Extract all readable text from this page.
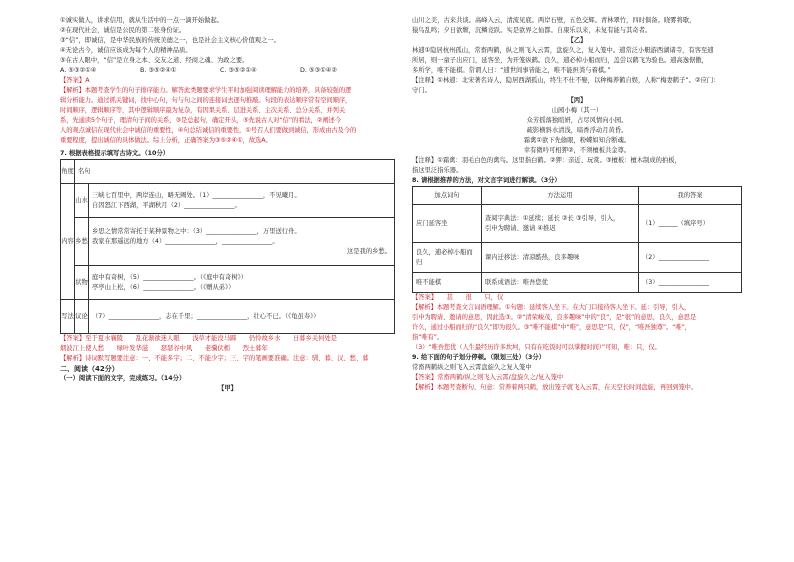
①诚实做人，讲求信用，就从生活中的一点一滴开始做起。
②在现代社会，诚信是公民的第二张身份证。
③“信”，即诚信，是中华民族的传统美德之一，也是社会主义核心价值观之一。
④无论古今，诚信应该成为每个人的精神品质。
⑤在古人眼中，“信”是立身之本、交友之道、经商之魂、为政之要。
A. ⑤③②①④	B. ③⑤②④①	C. ③⑤②①④	D. ⑤③①④②
【答案】A
【解析】本题考查学生的句子排序能力。解答此类题要求学生平时加强阅读理解能力的培养，具备较强的逻
辑分析能力。通过抓关键词，找中心句，句与句之间的连接词去逐句推敲。句段的表达顺序常有空间顺序，
时间顺序，逻辑顺序等，其中逻辑顺序最为复杂，有因果关系、层进关系、主次关系、总分关系、并列关
系，先通读5个句子，理清句子间的关系，③是总起句，确定开头，⑤先说古人对“信”的看法，②阐述今
人的观点诚信在现代社会中诚信的重要性，④句总结诚信的重要性，①号召人们要做到诚信，形成由古及今的
重要程度，提出诚信的具体做法。综上分析，正确答案为③⑤②④①，故选A。
7. 根据表格提示填写古诗文。（10分）
角度	名句	
内容	山水	三峡七百里中，两岸连山，略无阙处。（1）________________，不见曦月。
自因怒江下西湖，平湖秋月（2）________________。

	乡愁	乡思之情常常寄托于某种景物之中：（3）________________，万里送行舟。
我家在那遥远的地方（4）________________，________________。
这是我的乡愁。

	状物	庭中有奇树，（5）________________。（《庭中有奇树》）
亭亭山上松，（6）________________。（《赠从弟》）

写法	议论	（7）________________，志在千里；________________，壮心不已。（《龟虽寿》）
【答案】至于夏水襄陵　　乱花渐欲迷人眼　　浅草才能没马蹄　　仍怜故乡水　　日暮乡关何处是
烟波江上使人愁　　绿叶发华滋　　瑟瑟谷中风　　老骥伏枥　　烈士暮年
【解析】诗词默写题要注意：一、不能多字；二、不能少字；三、字的笔画要准确。注意：驯、暮、汉、愁、暮
二、阅读（42分）
（一）阅读下面的文字，完成练习。（14分）
【甲】
山川之美，古来共谈。高峰入云，清流见底。两岸石壁，五色交辉。青林翠竹，四时俱备。晓雾将歇，
猿鸟乱鸣；夕日欲颓，沉鳞竞跃。实是欲界之仙都。自康乐以来，未复有能与其奇者。
【乙】
林逋①隐居杭州孤山，常畜两鹤，纵之则飞入云霄，盘旋久之，复入笼中。逋常泛小艇游西湖诸寺，有客至逋
所居，则一童子出应门，延客坐，为开笼纵鹤。良久，逋必棹小船而归，盖尝以鹤飞为验也。逋高逸倨傲，
多所学，唯不能棋。常谓人曰：“逋世间事皆能之，唯不能担粪与着棋。”
【注释】①林逋：北宋著名诗人，隐居西湖孤山，终生不仕不娶，以种梅养鹤自娱，人称“梅妻鹤子”。②应门：
守门。
【丙】
山园小梅（其一）
众芳摇落独暄妍，占尽风情向小园。
疏影横斜水清浅，暗香浮动月黄昏。
霜禽①欲下先偷眼，粉蝶如知合断魂。
幸有微吟可相狎②，不须檀板共金尊。
【注释】①霜禽：羽毛白色的禽鸟。这里指白鹤。②狎：亲近、玩赏。③檀板：檀木制成的拍板，
指这里泛指乐器。
8. 请根据推荐的方法，对文言字词进行解读。（3分）
加点词句	方法运用	我的答案
应门延客坐	查阅字典法：①延续；延长 ②长 ③引导，引入，
引申为聘请、邀请 ④推迟	（1）______（填序号）

良久，逋必棹小船而
归	课内迁移法：清凉酷热，良多趣味	（2）________________
唯不能棋	联系成语法：唯吾您优	（3）________________
【答案】　　甚　　很　　只，仅
【解析】本题考查文言词语理解。①句题：延续客人坐下。在大门口接待客人坐下。延：引导，引入，
引申为聘请、邀请的意思，因此选③。②“清荣峻茂，良多趣味”中的“良”，是“很”的意思，良久，意思是
许久，通过小船而归的“良久”即为很久。③“唯不能棋”中“唯”，意思是“只，仅”，“唯吾独尊”。“唯”，
指“唯有”。
（3）“唯吾您优（人生最经历许多坎坷，只有在吃饭时可以掌握时间）”可知，唯：只，仅。
9. 给下面的句子划分停顿。（限划三处）（3分）
常畜两鹤纵之则飞入云霄盘旋久之复入笼中
【答案】常畜两鹤/纵之则飞入云霄/盘旋久之/复入笼中
【解析】本题考查断句，句意：常养着两只鹤，放出笼子就飞入云霄，在天空长时间盘旋，再回到笼中。
